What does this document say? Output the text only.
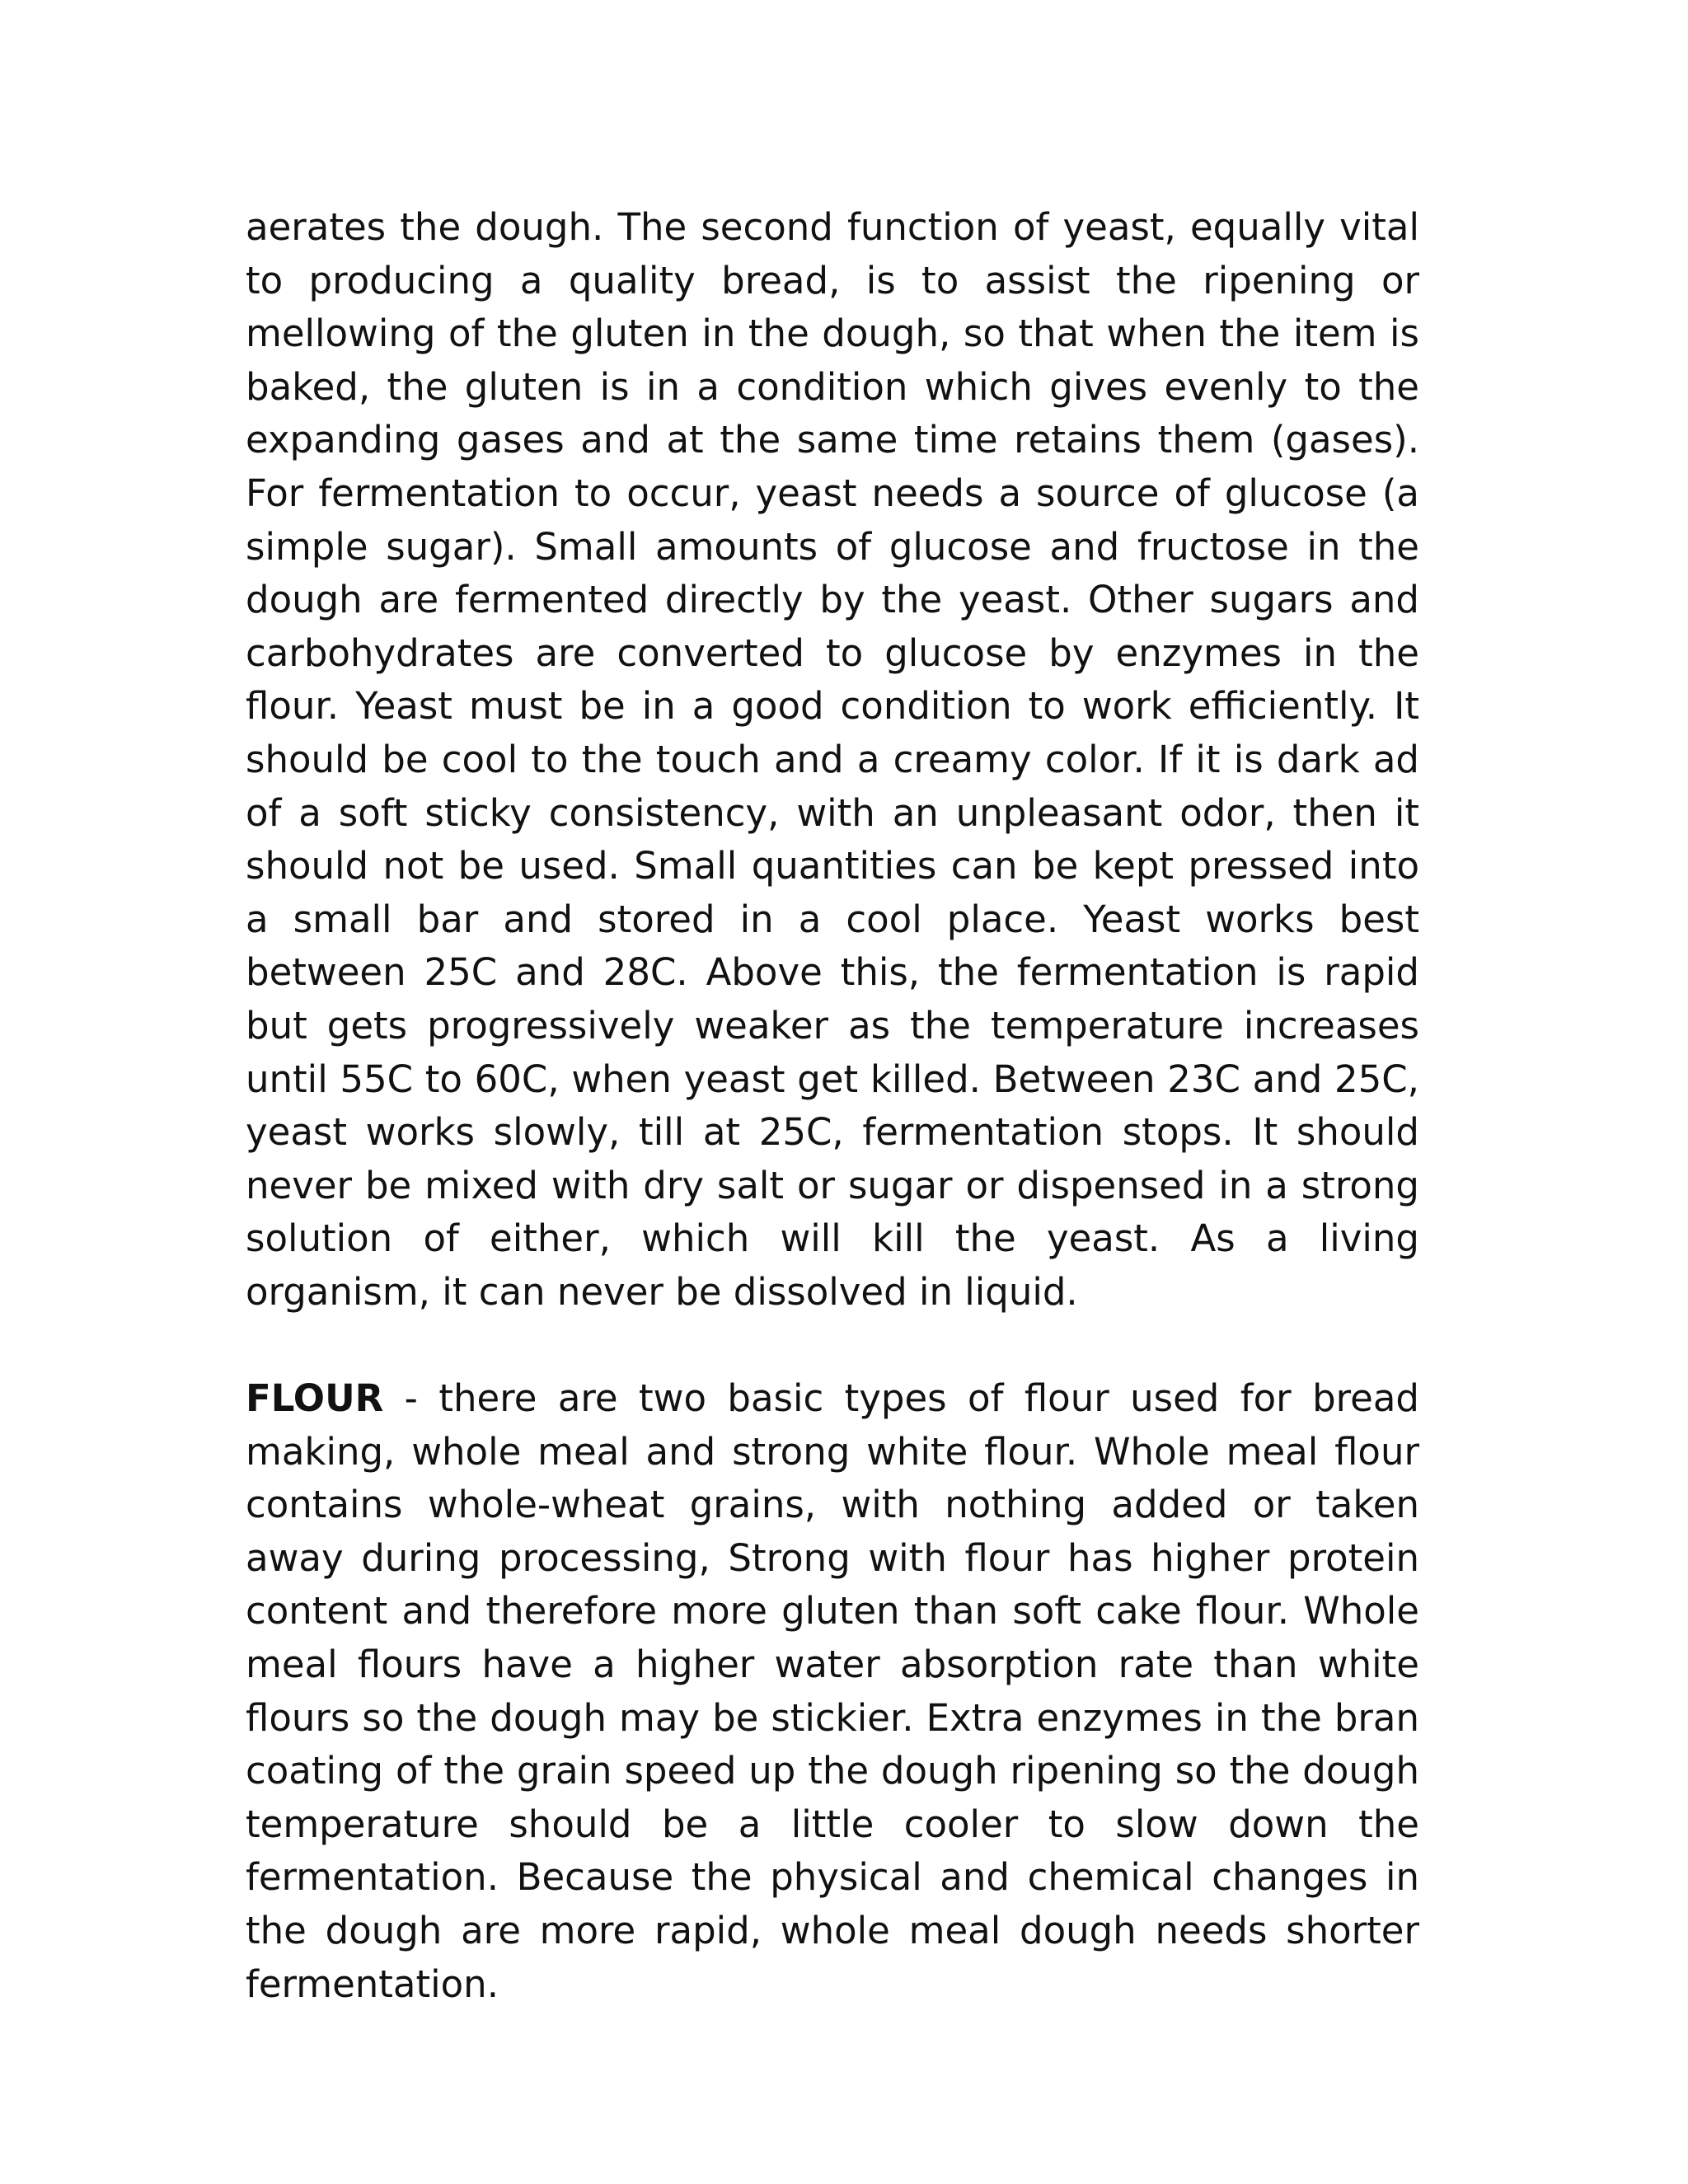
aerates the dough. The second function of yeast, equally vital to producing a quality bread, is to assist the ripening or mellowing of the gluten in the dough, so that when the item is baked, the gluten is in a condition which gives evenly to the expanding gases and at the same time retains them (gases). For fermentation to occur, yeast needs a source of glucose (a simple sugar). Small amounts of glucose and fructose in the dough are fermented directly by the yeast. Other sugars and carbohydrates are converted to glucose by enzymes in the flour. Yeast must be in a good condition to work efficiently. It should be cool to the touch and a creamy color. If it is dark ad of a soft sticky consistency, with an unpleasant odor, then it should not be used. Small quantities can be kept pressed into a small bar and stored in a cool place. Yeast works best between 25C and 28C. Above this, the fermentation is rapid but gets progressively weaker as the temperature increases until 55C to 60C, when yeast get killed. Between 23C and 25C, yeast works slowly, till at 25C, fermentation stops. It should never be mixed with dry salt or sugar or dispensed in a strong solution of either, which will kill the yeast. As a living organism, it can never be dissolved in liquid.

FLOUR - there are two basic types of flour used for bread making, whole meal and strong white flour. Whole meal flour contains whole-wheat grains, with nothing added or taken away during processing, Strong with flour has higher protein content and therefore more gluten than soft cake flour. Whole meal flours have a higher water absorption rate than white flours so the dough may be stickier. Extra enzymes in the bran coating of the grain speed up the dough ripening so the dough temperature should be a little cooler to slow down the fermentation. Because the physical and chemical changes in the dough are more rapid, whole meal dough needs shorter fermentation.
